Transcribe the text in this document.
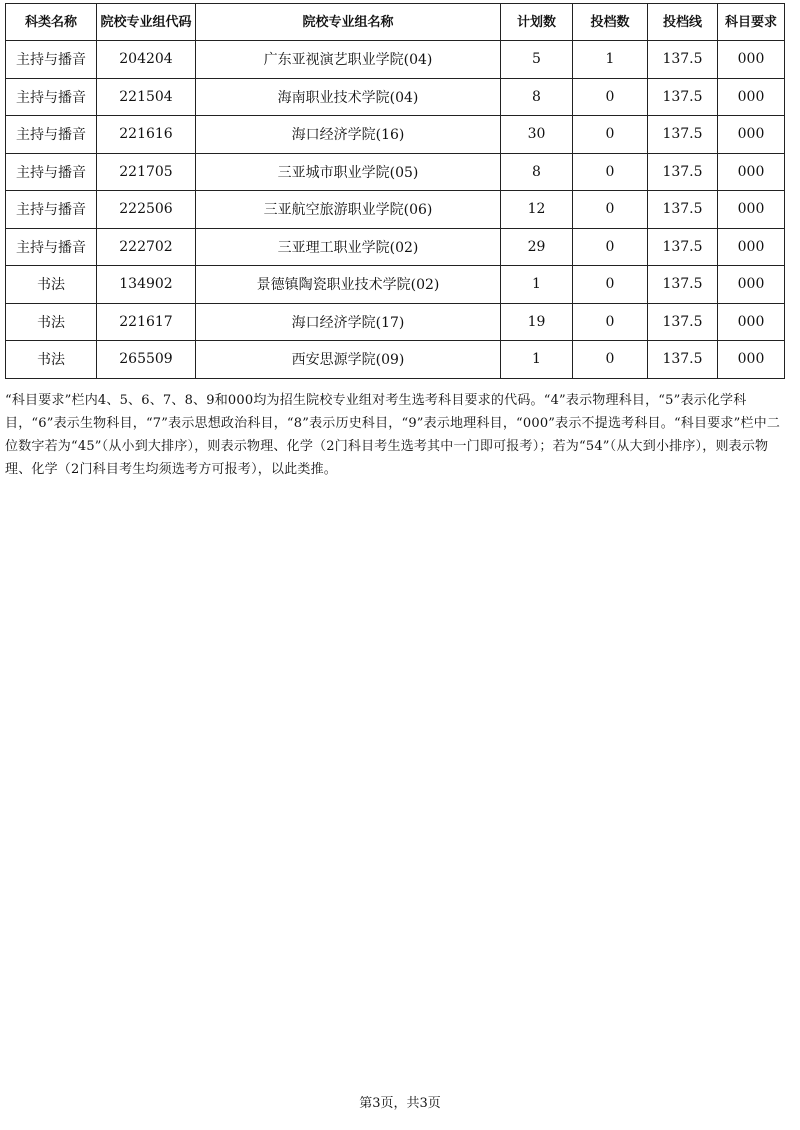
科类名称	院校专业组代码	院校专业组名称	计划数	投档数	投档线	科目要求
主持与播音	204204	广东亚视演艺职业学院(04)	5	1	137.5	000
主持与播音	221504	海南职业技术学院(04)	8	0	137.5	000
主持与播音	221616	海口经济学院(16)	30	0	137.5	000
主持与播音	221705	三亚城市职业学院(05)	8	0	137.5	000
主持与播音	222506	三亚航空旅游职业学院(06)	12	0	137.5	000
主持与播音	222702	三亚理工职业学院(02)	29	0	137.5	000
书法	134902	景德镇陶瓷职业技术学院(02)	1	0	137.5	000
书法	221617	海口经济学院(17)	19	0	137.5	000
书法	265509	西安思源学院(09)	1	0	137.5	000
“科目要求”栏内4、5、6、7、8、9和000均为招生院校专业组对考生选考科目要求的代码。“4”表示物理科目，“5”表示化学科目，“6”表示生物科目，“7”表示思想政治科目，“8”表示历史科目，“9”表示地理科目，“000”表示不提选考科目。“科目要求”栏中二位数字若为“45”（从小到大排序），则表示物理、化学（2门科目考生选考其中一门即可报考）；若为“54”（从大到小排序），则表示物理、化学（2门科目考生均须选考方可报考），以此类推。
第3页，共3页
